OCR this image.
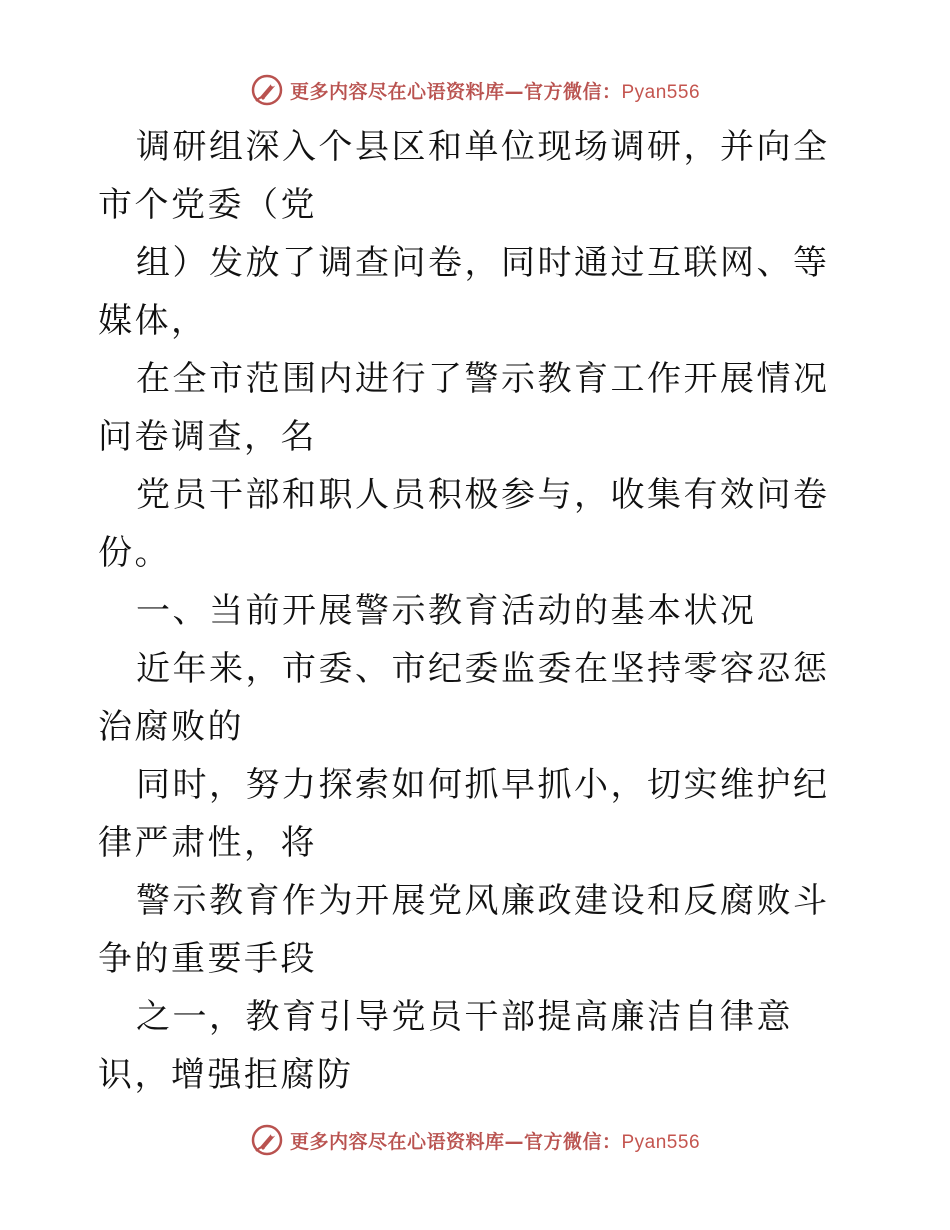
更多内容尽在心语资料库—官方微信：Pyan556

调研组深入个县区和单位现场调研，并向全市个党委（党

组）发放了调查问卷，同时通过互联网、等媒体，

在全市范围内进行了警示教育工作开展情况问卷调查，名

党员干部和职人员积极参与，收集有效问卷份。

一、当前开展警示教育活动的基本状况

近年来，市委、市纪委监委在坚持零容忍惩治腐败的

同时，努力探索如何抓早抓小，切实维护纪律严肃性，将

警示教育作为开展党风廉政建设和反腐败斗争的重要手段

之一，教育引导党员干部提高廉洁自律意识，增强拒腐防

更多内容尽在心语资料库—官方微信：Pyan556
